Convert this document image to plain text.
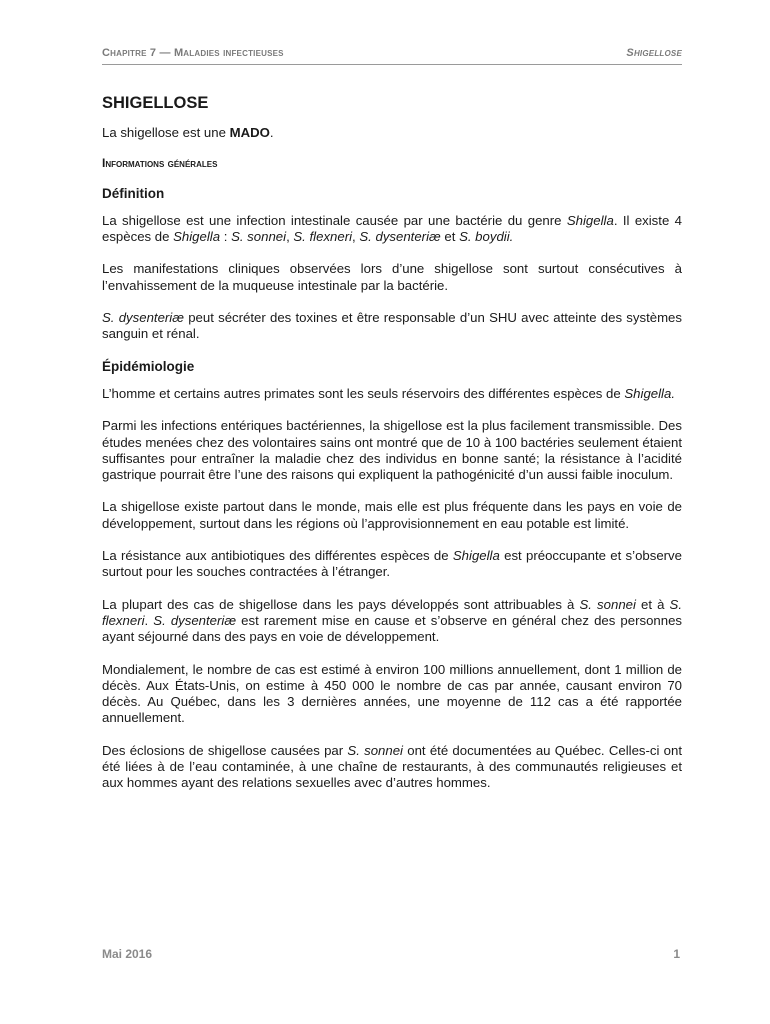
Chapitre 7 — Maladies infectieuses	Shigellose
SHIGELLOSE
La shigellose est une MADO.
Informations générales
Définition

La shigellose est une infection intestinale causée par une bactérie du genre Shigella. Il existe 4 espèces de Shigella : S. sonnei, S. flexneri, S. dysenteriæ et S. boydii.

Les manifestations cliniques observées lors d’une shigellose sont surtout consécutives à l’envahissement de la muqueuse intestinale par la bactérie.

S. dysenteriæ peut sécréter des toxines et être responsable d’un SHU avec atteinte des systèmes sanguin et rénal.

Épidémiologie

L’homme et certains autres primates sont les seuls réservoirs des différentes espèces de Shigella.

Parmi les infections entériques bactériennes, la shigellose est la plus facilement transmissible. Des études menées chez des volontaires sains ont montré que de 10 à 100 bactéries seulement étaient suffisantes pour entraîner la maladie chez des individus en bonne santé; la résistance à l’acidité gastrique pourrait être l’une des raisons qui expliquent la pathogénicité d’un aussi faible inoculum.

La shigellose existe partout dans le monde, mais elle est plus fréquente dans les pays en voie de développement, surtout dans les régions où l’approvisionnement en eau potable est limité.

La résistance aux antibiotiques des différentes espèces de Shigella est préoccupante et s’observe surtout pour les souches contractées à l’étranger.

La plupart des cas de shigellose dans les pays développés sont attribuables à S. sonnei et à S. flexneri. S. dysenteriæ est rarement mise en cause et s’observe en général chez des personnes ayant séjourné dans des pays en voie de développement.

Mondialement, le nombre de cas est estimé à environ 100 millions annuellement, dont 1 million de décès. Aux États-Unis, on estime à 450 000 le nombre de cas par année, causant environ 70 décès. Au Québec, dans les 3 dernières années, une moyenne de 112 cas a été rapportée annuellement.

Des éclosions de shigellose causées par S. sonnei ont été documentées au Québec. Celles-ci ont été liées à de l’eau contaminée, à une chaîne de restaurants, à des communautés religieuses et aux hommes ayant des relations sexuelles avec d’autres hommes.

Mai 2016	1
